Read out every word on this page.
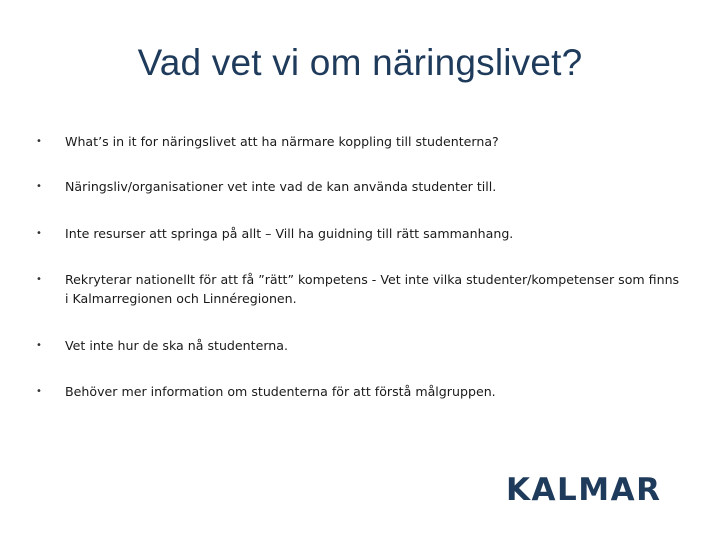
Vad vet vi om näringslivet?
•	What’s in it for näringslivet att ha närmare koppling till studenterna?
•	Näringsliv/organisationer vet inte vad de kan använda studenter till.
•	Inte resurser att springa på allt – Vill ha guidning till rätt sammanhang.
•	Rekryterar nationellt för att få ”rätt” kompetens - Vet inte vilka studenter/kompetenser som finns i Kalmarregionen och Linnéregionen.
•	Vet inte hur de ska nå studenterna.
•	Behöver mer information om studenterna för att förstå målgruppen.
KALMAR
